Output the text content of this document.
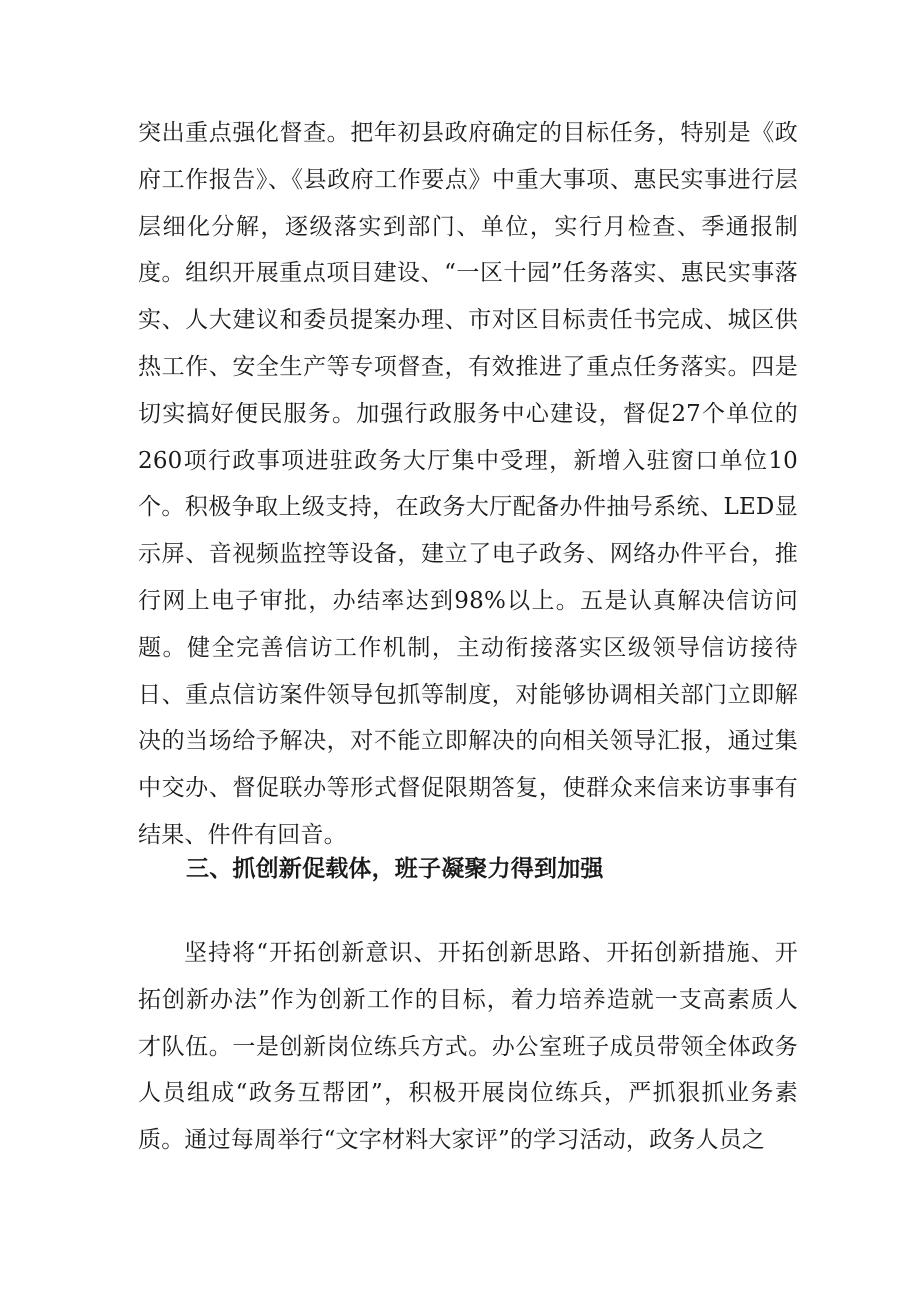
突出重点强化督查。把年初县政府确定的目标任务，特别是《政府工作报告》、《县政府工作要点》中重大事项、惠民实事进行层层细化分解，逐级落实到部门、单位，实行月检查、季通报制度。组织开展重点项目建设、“一区十园”任务落实、惠民实事落实、人大建议和委员提案办理、市对区目标责任书完成、城区供热工作、安全生产等专项督查，有效推进了重点任务落实。四是切实搞好便民服务。加强行政服务中心建设，督促27个单位的260项行政事项进驻政务大厅集中受理，新增入驻窗口单位10个。积极争取上级支持，在政务大厅配备办件抽号系统、LED显示屏、音视频监控等设备，建立了电子政务、网络办件平台，推行网上电子审批，办结率达到98%以上。五是认真解决信访问题。健全完善信访工作机制，主动衔接落实区级领导信访接待日、重点信访案件领导包抓等制度，对能够协调相关部门立即解决的当场给予解决，对不能立即解决的向相关领导汇报，通过集中交办、督促联办等形式督促限期答复，使群众来信来访事事有结果、件件有回音。

三、抓创新促载体，班子凝聚力得到加强

坚持将“开拓创新意识、开拓创新思路、开拓创新措施、开拓创新办法”作为创新工作的目标，着力培养造就一支高素质人才队伍。一是创新岗位练兵方式。办公室班子成员带领全体政务人员组成“政务互帮团”，积极开展岗位练兵，严抓狠抓业务素质。通过每周举行“文字材料大家评”的学习活动，政务人员之
